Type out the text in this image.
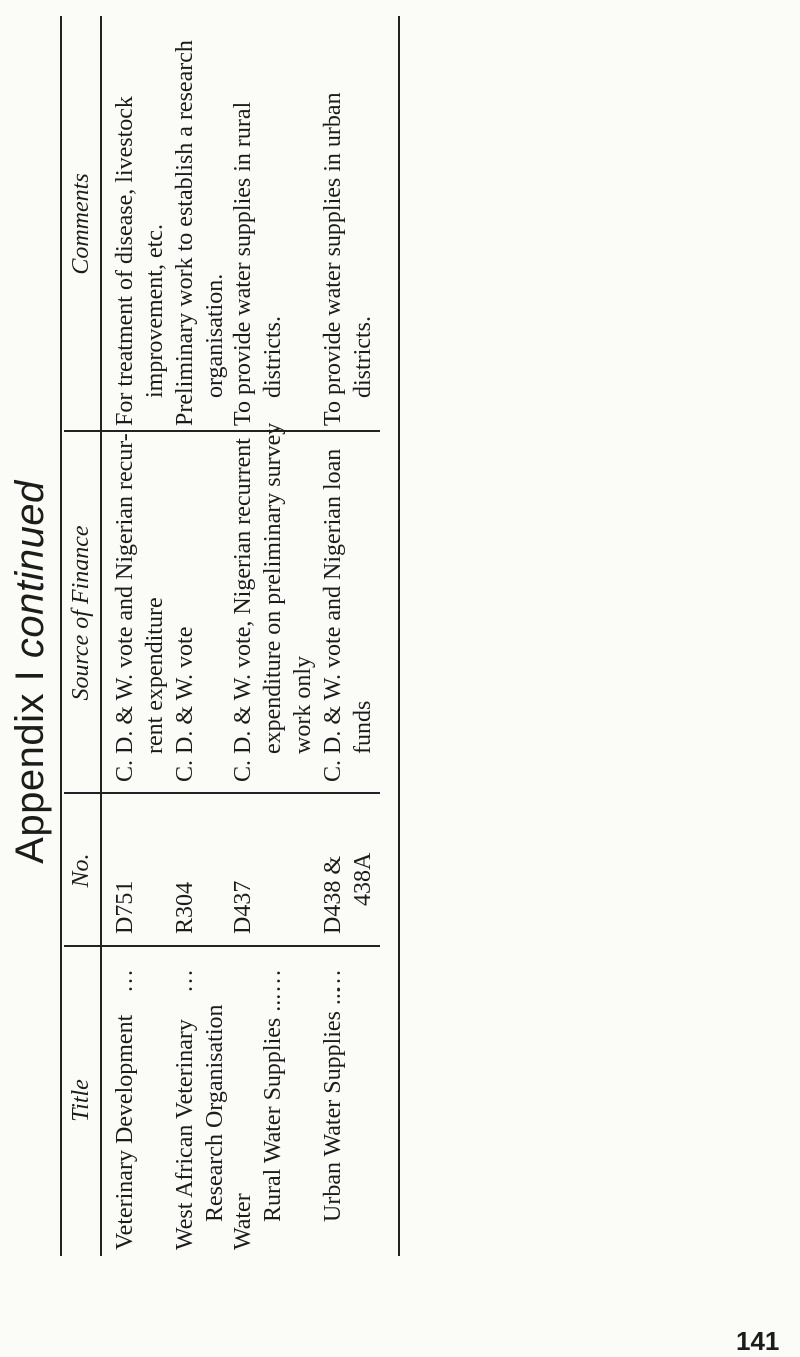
Appendix I continued
Title
No.
Source of Finance
Comments
Veterinary Development
...
D751
C. D. & W. vote and Nigerian recur- rent expenditure
For treatment of disease, livestock improvement, etc.
West African Veterinary Research Organisation
...
R304
C. D. & W. vote
Preliminary work to establish a research organisation.
Water Rural Water Supplies ...
...
D437
C. D. & W. vote, Nigerian recurrent expenditure on preliminary survey work only
To provide water supplies in rural districts.
Urban Water Supplies ...
...
D438 & 438A
C. D. & W. vote and Nigerian loan funds
To provide water supplies in urban districts.
141
